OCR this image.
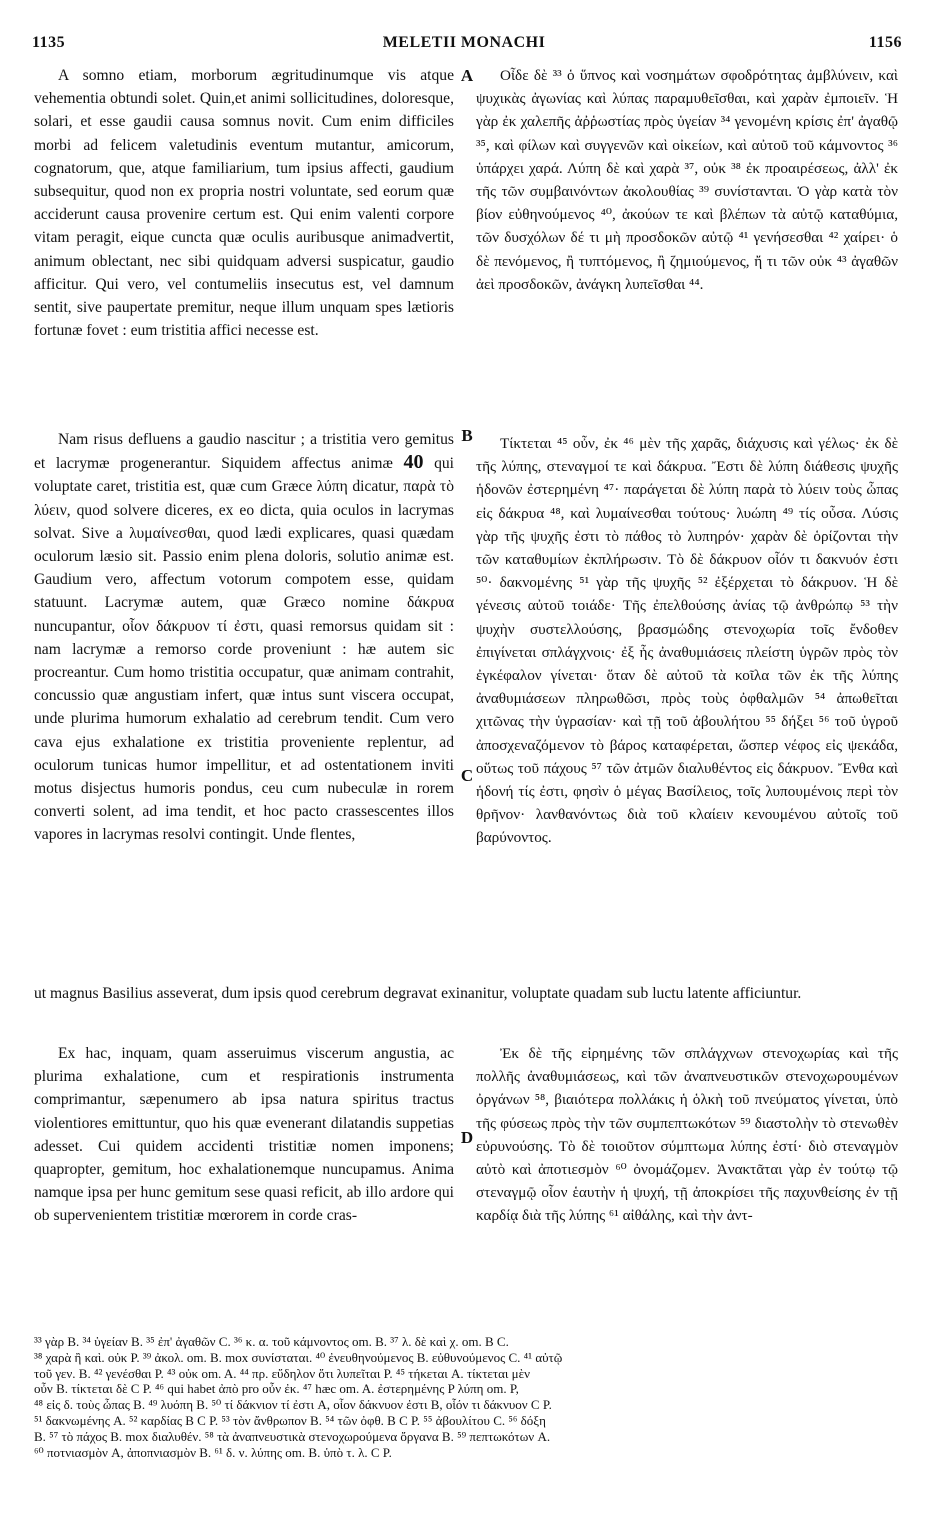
1135	MELETII MONACHI	1156
A somno etiam, morborum ægritudinumque vis atque vehementia obtundi solet. Quin,et animi sollicitudines, doloresque, solari, et esse gaudii causa somnus novit. Cum enim difficiles morbi ad felicem valetudinis eventum mutantur, amicorum, cognatorum, que, atque familiarium, tum ipsius affecti, gaudium subsequitur, quod non ex propria nostri voluntate, sed eorum quæ acciderunt causa provenire certum est. Qui enim valenti corpore vitam peragit, eique cuncta quæ oculis auribusque animadvertit, animum oblectant, nec sibi quidquam adversi suspicatur, gaudio afficitur. Qui vero, vel contumeliis insecutus est, vel damnum sentit, sive paupertate premitur, neque illum unquam spes lætioris fortunæ fovet : eum tristitia affici necesse est.
A	Οἶδε δὲ ³³ ὁ ὕπνος καὶ νοσημάτων σφοδρότητας ἀμβλύνειν, καὶ ψυχικὰς ἀγωνίας καὶ λύπας παραμυθεῖσθαι, καὶ χαρὰν ἐμποιεῖν. Ἡ γὰρ ἐκ χαλεπῆς ἀῤῥωστίας πρὸς ὑγείαν ³⁴ γενομένη κρίσις ἐπ' ἀγαθῷ ³⁵, καὶ φίλων καὶ συγγενῶν καὶ οἰκείων, καὶ αὐτοῦ τοῦ κάμνοντος ³⁶ ὑπάρχει χαρά. Λύπη δὲ καὶ χαρὰ ³⁷, οὐκ ³⁸ ἐκ προαιρέσεως, ἀλλ' ἐκ τῆς τῶν συμβαινόντων ἀκολουθίας ³⁹ συνίστανται. Ὁ γὰρ κατὰ τὸν βίον εὐθηνούμενος ⁴⁰, ἀκούων τε καὶ βλέπων τὰ αὐτῷ καταθύμια, τῶν δυσχόλων δέ τι μὴ προσδοκῶν αὐτῷ ⁴¹ γενήσεσθαι ⁴² χαίρει· ὁ δὲ πενόμενος, ἢ τυπτόμενος, ἢ ζημιούμενος, ἤ τι τῶν οὐκ ⁴³ ἀγαθῶν ἀεὶ προσδοκῶν, ἀνάγκη λυπεῖσθαι ⁴⁴.
Nam risus defluens a gaudio nascitur ; a tristitia vero gemitus et lacrymæ progenerantur. Siquidem affectus animæ 40 qui voluptate caret, tristitia est, quæ cum Græce λύπη dicatur, παρὰ τὸ λύειν, quod solvere diceres, ex eo dicta, quia oculos in lacrymas solvat. Sive a λυμαίνεσθαι, quod lædi explicares, quasi quædam oculorum læsio sit. Passio enim plena doloris, solutio animæ est. Gaudium vero, affectum votorum compotem esse, quidam statuunt. Lacrymæ autem, quæ Græco nomine δάκρυα nuncupantur, οἷον δάκρυον τί ἐστι, quasi remorsus quidam sit : nam lacrymæ a remorso corde proveniunt : hæ autem sic procreantur. Cum homo tristitia occupatur, quæ animam contrahit, concussio quæ angustiam infert, quæ intus sunt viscera occupat, unde plurima humorum exhalatio ad cerebrum tendit. Cum vero cava ejus exhalatione ex tristitia proveniente replentur, ad oculorum tunicas humor impellitur, et ad ostentationem inviti motus disjectus humoris pondus, ceu cum nubeculæ in rorem converti solent, ad ima tendit, et hoc pacto crassescentes illos vapores in lacrymas resolvi contingit. Unde flentes,
B	Τίκτεται ⁴⁵ οὖν, ἐκ ⁴⁶ μὲν τῆς χαρᾶς, διάχυσις καὶ γέλως· ἐκ δὲ τῆς λύπης, στεναγμοί τε καὶ δάκρυα. Ἔστι δὲ λύπη διάθεσις ψυχῆς ἡδονῶν ἐστερημένη ⁴⁷· παράγεται δὲ λύπη παρὰ τὸ λύειν τοὺς ὦπας εἰς δάκρυα ⁴⁸, καὶ λυμαίνεσθαι τούτους· λυώπη ⁴⁹ τίς οὖσα. Λύσις γὰρ τῆς ψυχῆς ἐστι τὸ πάθος τὸ λυπηρόν· χαρὰν δὲ ὁρίζονται τὴν τῶν καταθυμίων ἐκπλήρωσιν. Τὸ δὲ δάκρυον οἷόν τι δακνυόν ἐστι ⁵⁰· δακνομένης ⁵¹ γὰρ τῆς ψυχῆς ⁵² ἐξέρχεται τὸ δάκρυον. Ἡ δὲ γένεσις αὐτοῦ τοιάδε· Τῆς ἐπελθούσης ἀνίας τῷ ἀνθρώπῳ ⁵³ τὴν ψυχὴν συστελλούσης, βρασμώδης στενοχωρία τοῖς ἔνδοθεν ἐπιγίνεται σπλάγχνοις· ἐξ ἧς ἀναθυμιάσεις πλείστη ὑγρῶν πρὸς τὸν ἐγκέφαλον γίνεται· ὅταν δὲ αὐτοῦ τὰ κοῖλα τῶν ἐκ τῆς λύπης ἀναθυμιάσεων πληρωθῶσι, πρὸς τοὺς ὀφθαλμῶν ⁵⁴ ἀπωθεῖται χιτῶνας τὴν ὑγρασίαν· καὶ τῇ τοῦ ἀβουλήτου ⁵⁵ δήξει ⁵⁶ τοῦ ὑγροῦ ἀποσχεναζόμενον τὸ βάρος καταφέρεται, ὥσπερ νέφος εἰς ψεκάδα, οὕτως τοῦ πάχους ⁵⁷ τῶν ἀτμῶν διαλυθέντος εἰς δάκρυον. Ἔνθα καὶ ἡδονή τίς ἐστι, φησὶν ὁ μέγας Βασίλειος, τοῖς λυπουμένοις περὶ τὸν θρῆνον· λανθανόντως διὰ τοῦ κλαίειν κενουμένου αὐτοῖς τοῦ βαρύνοντος.
C
ut magnus Basilius asseverat, dum ipsis quod cerebrum degravat exinanitur, voluptate quadam sub luctu latente afficiuntur.
Ex hac, inquam, quam asseruimus viscerum angustia, ac plurima exhalatione, cum et respirationis instrumenta comprimantur, sæpenumero ab ipsa natura spiritus tractus violentiores emittuntur, quo his quæ evenerant dilatandis suppetias adesset. Cui quidem accidenti tristitiæ nomen imponens; quapropter, gemitum, hoc exhalationemque nuncupamus. Anima namque ipsa per hunc gemitum sese quasi reficit, ab illo ardore qui ob supervenientem tristitiæ mœrorem in corde cras-
D
Ἐκ δὲ τῆς εἰρημένης τῶν σπλάγχνων στενοχωρίας καὶ τῆς πολλῆς ἀναθυμιάσεως, καὶ τῶν ἀναπνευστικῶν στενοχωρουμένων ὀργάνων ⁵⁸, βιαιότερα πολλάκις ἡ ὁλκὴ τοῦ πνεύματος γίνεται, ὑπὸ τῆς φύσεως πρὸς τὴν τῶν συμπεπτωκότων ⁵⁹ διαστολὴν τὸ στενωθὲν εὐρυνούσης. Τὸ δὲ τοιοῦτον σύμπτωμα λύπης ἐστί· διὸ στεναγμὸν αὐτὸ καὶ ἀποτιεσμὸν ⁶⁰ ὀνομάζομεν. Ἀνακτᾶται γὰρ ἐν τούτῳ τῷ στεναγμῷ οἷον ἑαυτὴν ἡ ψυχή, τῇ ἀποκρίσει τῆς παχυνθείσης ἐν τῇ καρδίᾳ διὰ τῆς λύπης ⁶¹ αἰθάλης, καὶ τὴν ἀντ-
³³ γὰρ B. ³⁴ ὑγείαν B. ³⁵ ἐπ' ἀγαθῶν C. ³⁶ κ. α. τοῦ κάμνοντος om. B. ³⁷ λ. δὲ καὶ χ. om. B C.
³⁸ χαρὰ ἢ καὶ. οὐκ P. ³⁹ ἀκολ. om. B. mox συνίσταται. ⁴⁰ ἐνευθηνούμενος B. εὐθυνούμενος C. ⁴¹ αὐτῷ
τοῦ γεν. B. ⁴² γενέσθαι P. ⁴³ οὐκ om. A. ⁴⁴ πρ. εὔδηλον ὅτι λυπεῖται P. ⁴⁵ τήκεται A. τίκτεται μὲν
οὖν B. τίκτεται δὲ C P. ⁴⁶ qui habet ἀπὸ pro οὖν ἐκ. ⁴⁷ hæc om. A. ἐστερημένης P λύπη om. P,
⁴⁸ εἰς δ. τοὺς ὦπας B. ⁴⁹ λυόπη B. ⁵⁰ τί δάκνιον τί ἐστι A, οἷον δάκνυον ἐστι B, οἷόν τι δάκνυον C P.
⁵¹ δακνωμένης A. ⁵² καρδίας B C P. ⁵³ τὸν ἄνθρωπον B. ⁵⁴ τῶν ὀφθ. B C P. ⁵⁵ ἀβουλίτου C. ⁵⁶ δόξη
B. ⁵⁷ τὸ πάχος B. mox διαλυθέν. ⁵⁸ τὰ ἀναπνευστικὰ στενοχωρούμενα ὄργανα B. ⁵⁹ πεπτωκότων A.
⁶⁰ ποτνιασμὸν A, ἀποπνιασμὸν B. ⁶¹ δ. ν. λύπης om. B. ὑπὸ τ. λ. C P.
